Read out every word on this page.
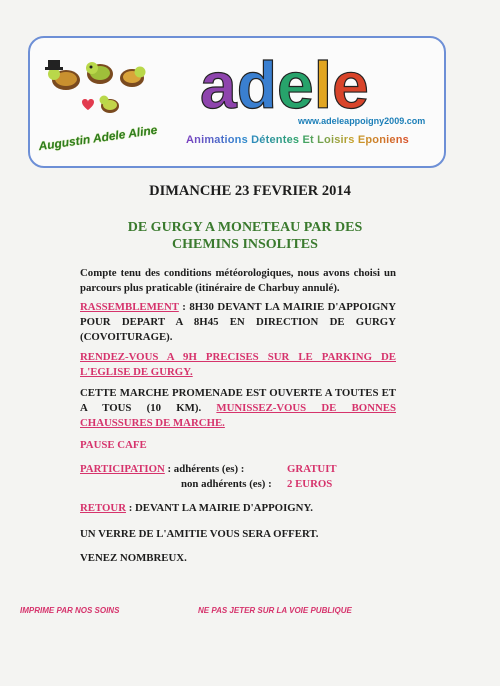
Augustin Adele Aline
adele
www.adeleappoigny2009.com
Animations Détentes Et Loisirs Eponiens
DIMANCHE 23 FEVRIER 2014
DE GURGY A MONETEAU PAR DES
CHEMINS INSOLITES
Compte tenu des conditions météorologiques, nous avons choisi un parcours plus praticable (itinéraire de Charbuy annulé).
RASSEMBLEMENT : 8H30 DEVANT LA MAIRIE D'APPOIGNY POUR DEPART A 8H45 EN DIRECTION DE GURGY (COVOITURAGE).
RENDEZ-VOUS A 9H PRECISES SUR LE PARKING DE L'EGLISE DE GURGY.
CETTE MARCHE PROMENADE EST OUVERTE A TOUTES ET A TOUS (10 KM). MUNISSEZ-VOUS DE BONNES CHAUSSURES DE MARCHE.
PAUSE CAFE
PARTICIPATION : adhérents (es) :	GRATUIT
non adhérents (es) : 2 EUROS
RETOUR : DEVANT LA MAIRIE D'APPOIGNY.
UN VERRE DE L'AMITIE VOUS SERA OFFERT.
VENEZ NOMBREUX.
IMPRIME PAR NOS SOINS	NE PAS JETER SUR LA VOIE PUBLIQUE
